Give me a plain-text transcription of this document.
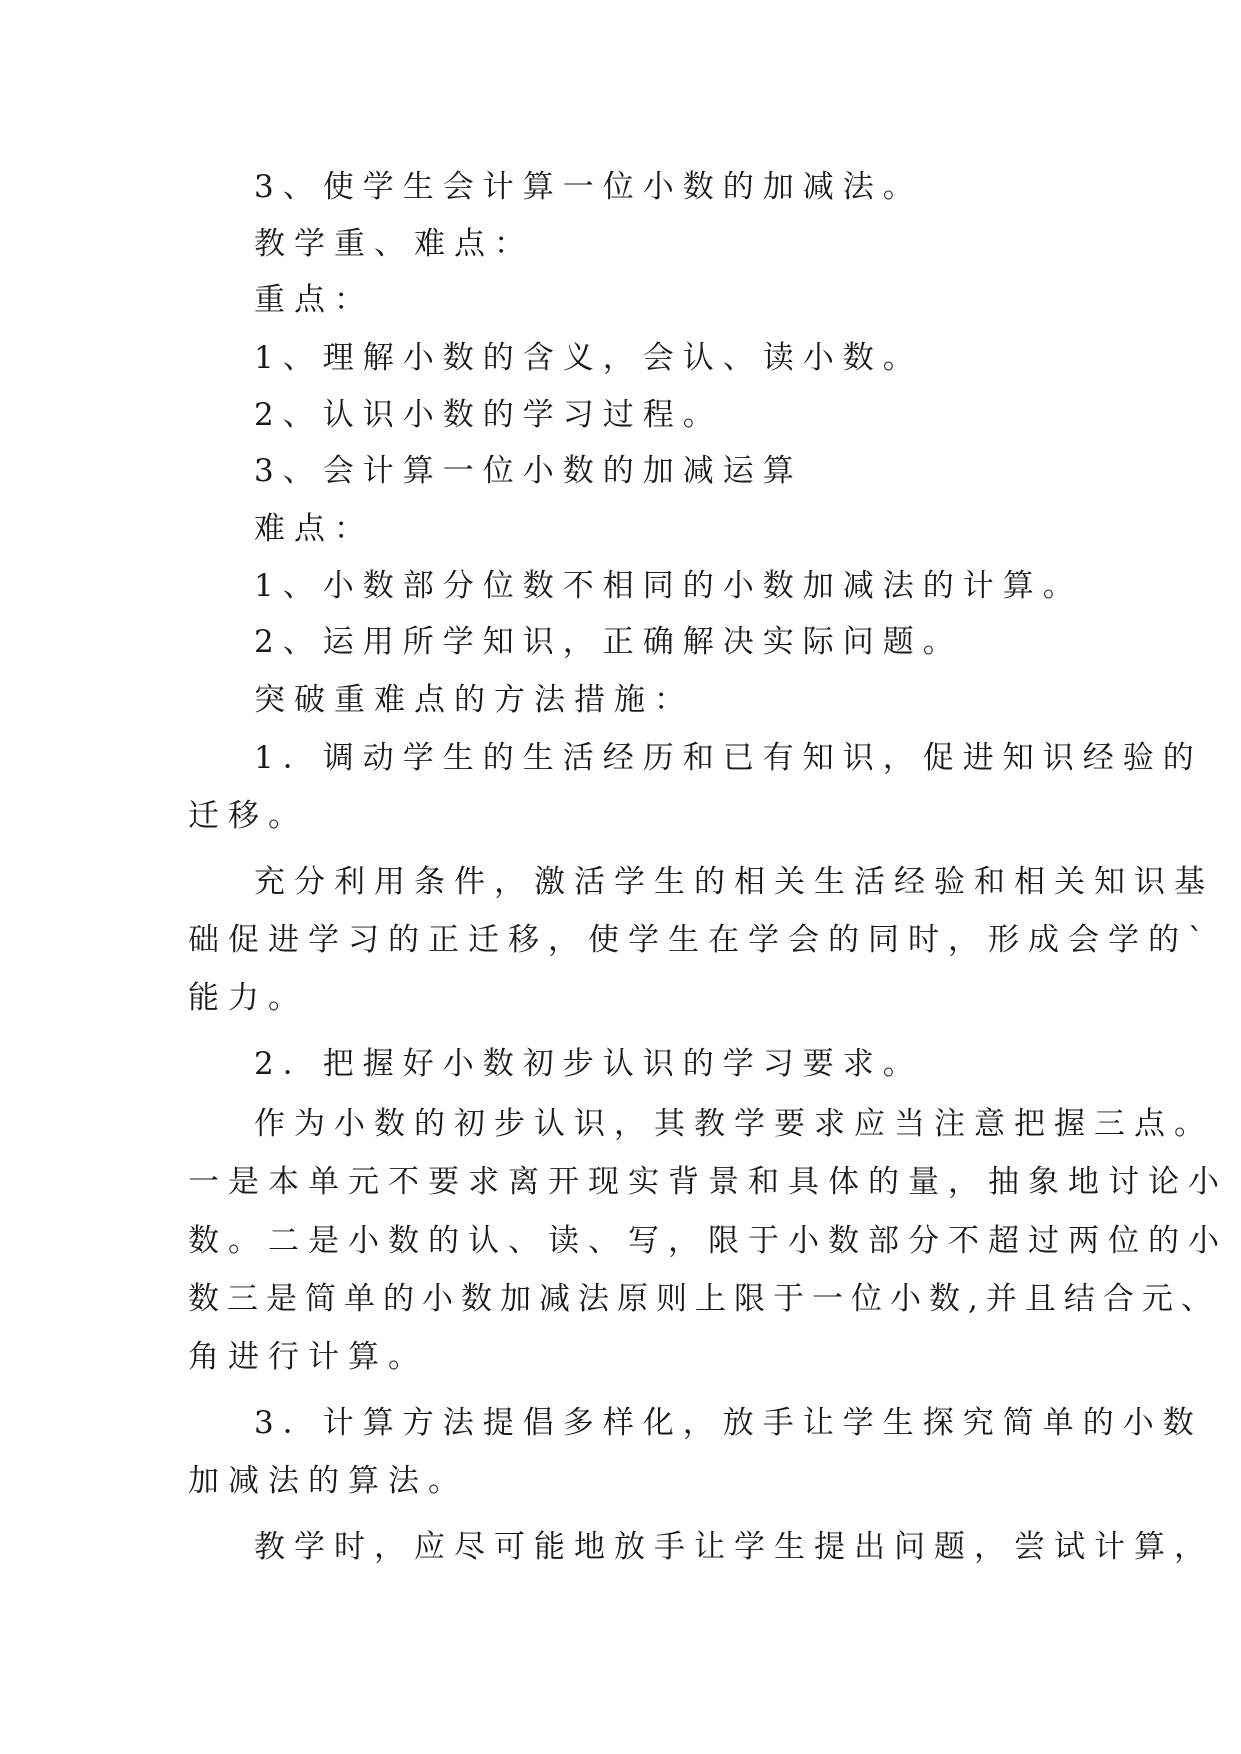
3、使学生会计算一位小数的加减法。
教学重、难点：
重点：
1、理解小数的含义，会认、读小数。
2、认识小数的学习过程。
3、会计算一位小数的加减运算
难点：
1、小数部分位数不相同的小数加减法的计算。
2、运用所学知识，正确解决实际问题。
突破重难点的方法措施：
1．调动学生的生活经历和已有知识，促进知识经验的
迁移。
充分利用条件，激活学生的相关生活经验和相关知识基
础促进学习的正迁移，使学生在学会的同时，形成会学的`
能力。
2．把握好小数初步认识的学习要求。
作为小数的初步认识，其教学要求应当注意把握三点。
一是本单元不要求离开现实背景和具体的量，抽象地讨论小
数。二是小数的认、读、写，限于小数部分不超过两位的小
数三是简单的小数加减法原则上限于一位小数,并且结合元、
角进行计算。
3．计算方法提倡多样化，放手让学生探究简单的小数
加减法的算法。
教学时，应尽可能地放手让学生提出问题，尝试计算，
